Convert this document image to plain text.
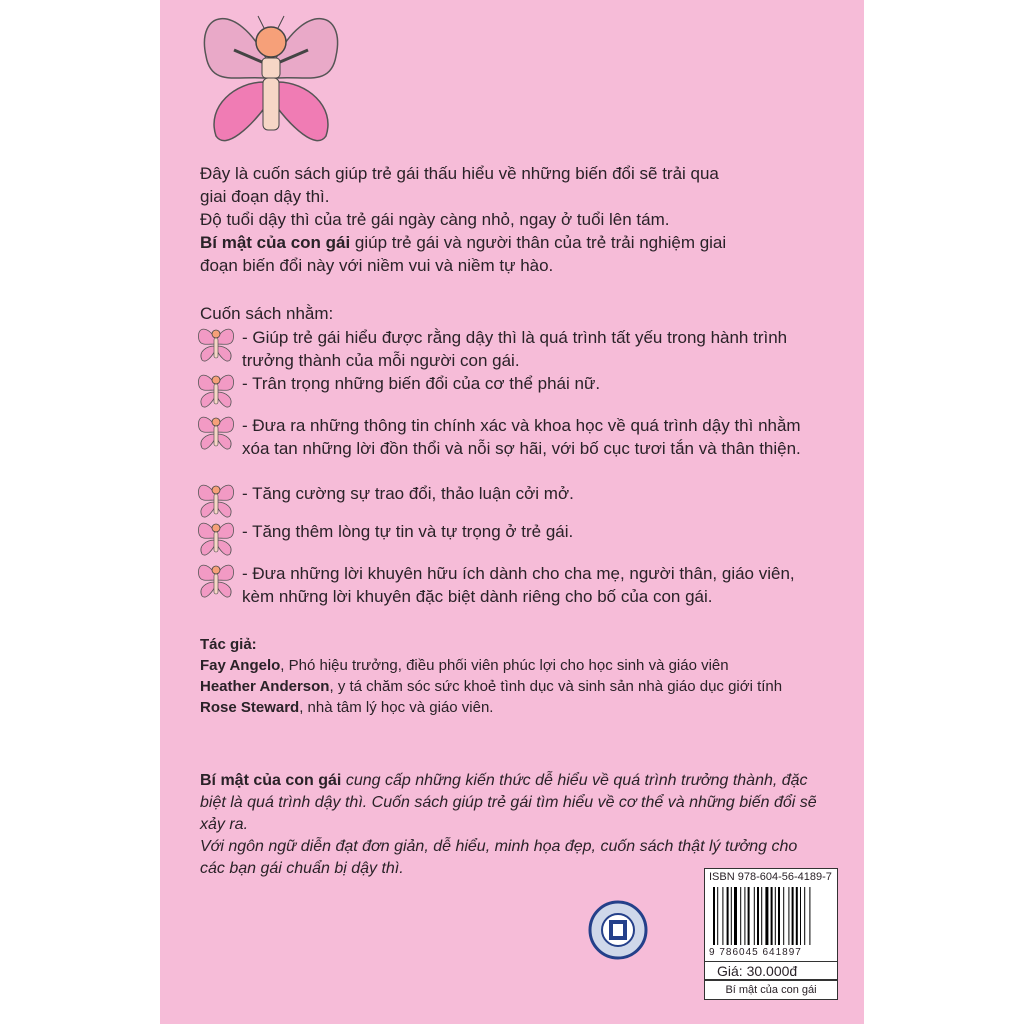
Đây là cuốn sách giúp trẻ gái thấu hiểu về những biến đổi sẽ trải qua
giai đoạn dậy thì.
Độ tuổi dậy thì của trẻ gái ngày càng nhỏ, ngay ở tuổi lên tám.
Bí mật của con gái giúp trẻ gái và người thân của trẻ trải nghiệm giai
đoạn biến đổi này với niềm vui và niềm tự hào.

Cuốn sách nhằm:

- Giúp trẻ gái hiểu được rằng dậy thì là quá trình tất yếu trong hành trình trưởng thành của mỗi người con gái.
- Trân trọng những biến đổi của cơ thể phái nữ.
- Đưa ra những thông tin chính xác và khoa học về quá trình dậy thì nhằm xóa tan những lời đồn thổi và nỗi sợ hãi, với bố cục tươi tắn và thân thiện.
- Tăng cường sự trao đổi, thảo luận cởi mở.
- Tăng thêm lòng tự tin và tự trọng ở trẻ gái.
- Đưa những lời khuyên hữu ích dành cho cha mẹ, người thân, giáo viên, kèm những lời khuyên đặc biệt dành riêng cho bố của con gái.
Tác giả:
Fay Angelo, Phó hiệu trưởng, điều phối viên phúc lợi cho học sinh và giáo viên
Heather Anderson, y tá chăm sóc sức khoẻ tình dục và sinh sản nhà giáo dục giới tính
Rose Steward, nhà tâm lý học và giáo viên.
Bí mật của con gái cung cấp những kiến thức dễ hiểu về quá trình trưởng thành, đặc biệt là quá trình dậy thì. Cuốn sách giúp trẻ gái tìm hiểu về cơ thể và những biến đổi sẽ xảy ra.
Với ngôn ngữ diễn đạt đơn giản, dễ hiểu, minh họa đẹp, cuốn sách thật lý tưởng cho các bạn gái chuẩn bị dậy thì.	ISBN 978-604-56-4189-7
9 786045 641897
Giá: 30.000đ
Bí mật của con gái
